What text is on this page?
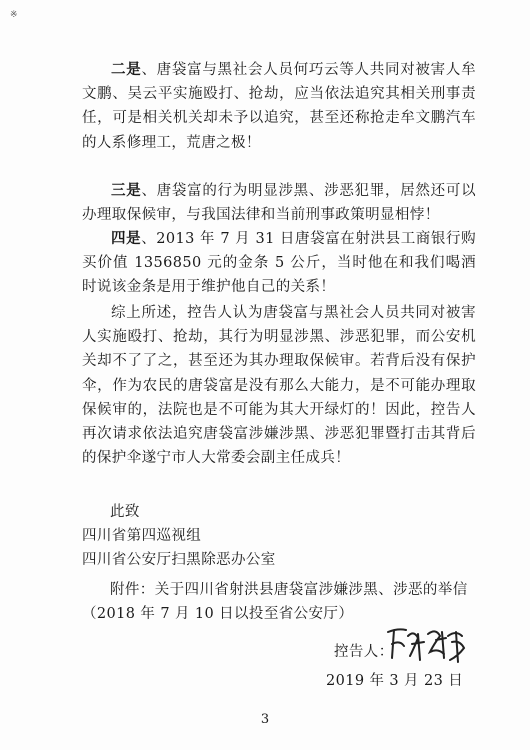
※
二是、唐袋富与黑社会人员何巧云等人共同对被害人牟文鹏、吴云平实施殴打、抢劫，应当依法追究其相关刑事责任，可是相关机关却未予以追究，甚至还称抢走牟文鹏汽车的人系修理工，荒唐之极！
三是、唐袋富的行为明显涉黑、涉恶犯罪，居然还可以办理取保候审，与我国法律和当前刑事政策明显相悖！
四是、2013 年 7 月 31 日唐袋富在射洪县工商银行购买价值 1356850 元的金条 5 公斤，当时他在和我们喝酒时说该金条是用于维护他自己的关系！
综上所述，控告人认为唐袋富与黑社会人员共同对被害人实施殴打、抢劫，其行为明显涉黑、涉恶犯罪，而公安机关却不了了之，甚至还为其办理取保候审。若背后没有保护伞，作为农民的唐袋富是没有那么大能力，是不可能办理取保候审的，法院也是不可能为其大开绿灯的！因此，控告人再次请求依法追究唐袋富涉嫌涉黑、涉恶犯罪暨打击其背后的保护伞遂宁市人大常委会副主任成兵！
此致
四川省第四巡视组
四川省公安厅扫黑除恶办公室
附件：关于四川省射洪县唐袋富涉嫌涉黑、涉恶的举信
（2018 年 7 月 10 日以投至省公安厅）
控告人：
2019 年 3 月 23 日
3
